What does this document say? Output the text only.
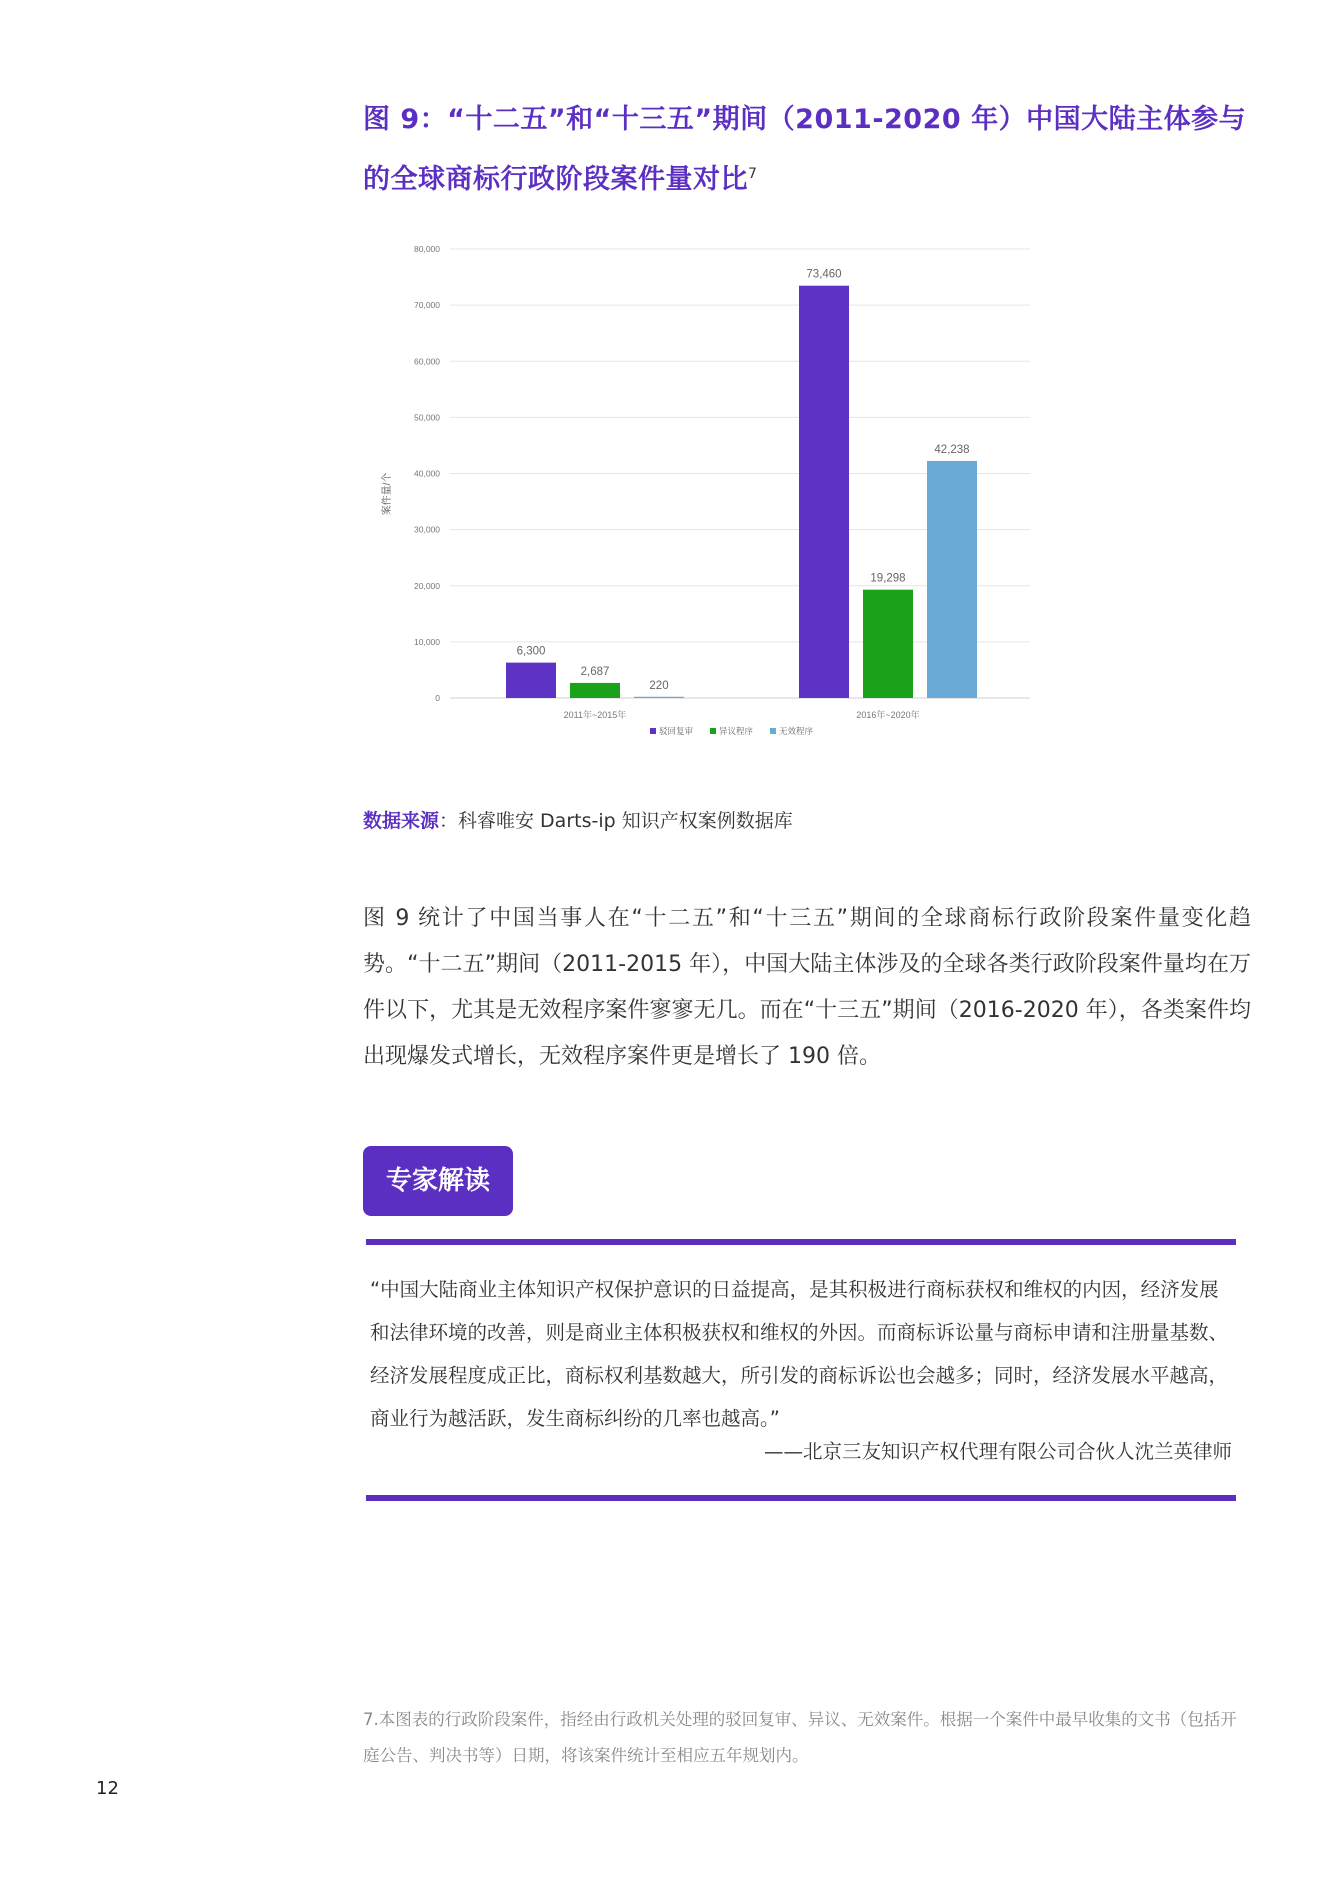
图 9：“十二五”和“十三五”期间（2011-2020 年）中国大陆主体参与的全球商标行政阶段案件量对比$^7$
0
10,000
20,000
30,000
40,000
50,000
60,000
70,000
80,000
案件量/个
6,300
2,687
220
73,460
19,298
42,238
2011年~2015年	2016年~2020年
驳回复审	异议程序	无效程序
数据来源：科睿唯安 Darts-ip 知识产权案例数据库
图 9 统计了中国当事人在“十二五”和“十三五”期间的全球商标行政阶段案件量变化趋势。“十二五”期间（2011-2015 年），中国大陆主体涉及的全球各类行政阶段案件量均在万件以下，尤其是无效程序案件寥寥无几。而在“十三五”期间（2016-2020 年），各类案件均出现爆发式增长，无效程序案件更是增长了 190 倍。
专家解读
“中国大陆商业主体知识产权保护意识的日益提高，是其积极进行商标获权和维权的内因，经济发展和法律环境的改善，则是商业主体积极获权和维权的外因。而商标诉讼量与商标申请和注册量基数、经济发展程度成正比，商标权利基数越大，所引发的商标诉讼也会越多；同时，经济发展水平越高，商业行为越活跃，发生商标纠纷的几率也越高。”
——北京三友知识产权代理有限公司合伙人沈兰英律师
7.本图表的行政阶段案件，指经由行政机关处理的驳回复审、异议、无效案件。根据一个案件中最早收集的文书（包括开庭公告、判决书等）日期，将该案件统计至相应五年规划内。
12
